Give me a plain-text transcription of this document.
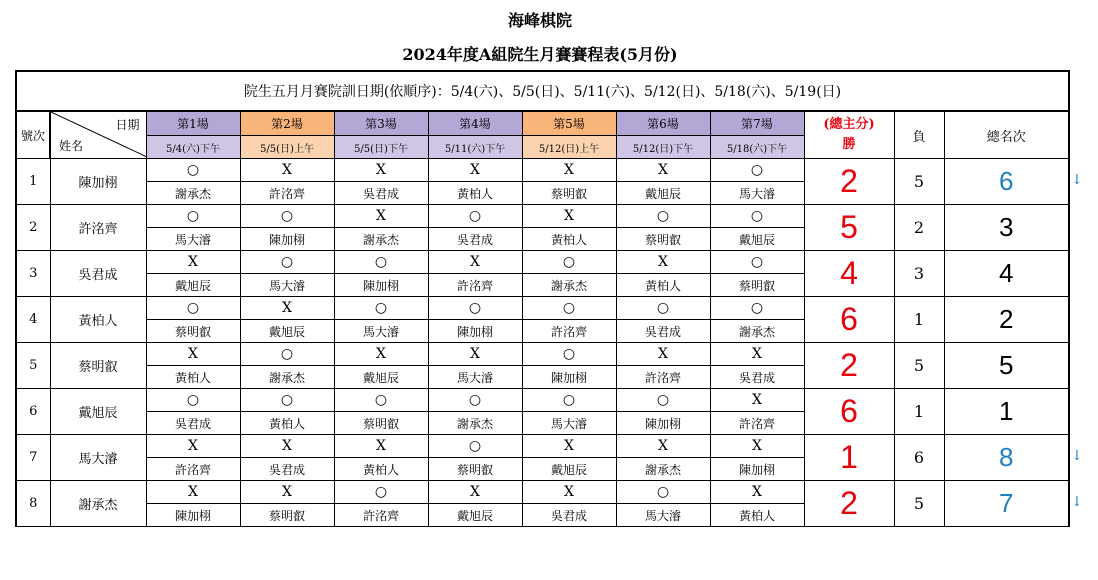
海峰棋院
2024年度A組院生月賽賽程表(5月份)
院生五月月賽院訓日期(依順序)：5/4(六)、5/5(日)、5/11(六)、5/12(日)、5/18(六)、5/19(日)											
號次	日期
姓名	第1場	第2場	第3場	第4場	第5場	第6場	第7場	(總主分)
勝	負	總名次
		5/4(六)下午	5/5(日)上午	5/5(日)下午	5/11(六)下午	5/12(日)上午	5/12(日)下午	5/18(六)下午			
1	陳加栩	○	X	X	X	X	X	○	2	5	6
		謝承杰	許洺齊	吳君成	黃柏人	蔡明叡	戴旭辰	馬大濬			
2	許洺齊	○	○	X	○	X	○	○	5	2	3
		馬大濬	陳加栩	謝承杰	吳君成	黃柏人	蔡明叡	戴旭辰			
3	吳君成	X	○	○	X	○	X	○	4	3	4
		戴旭辰	馬大濬	陳加栩	許洺齊	謝承杰	黃柏人	蔡明叡			
4	黃柏人	○	X	○	○	○	○	○	6	1	2
		蔡明叡	戴旭辰	馬大濬	陳加栩	許洺齊	吳君成	謝承杰			
5	蔡明叡	X	○	X	X	○	X	X	2	5	5
		黃柏人	謝承杰	戴旭辰	馬大濬	陳加栩	許洺齊	吳君成			
6	戴旭辰	○	○	○	○	○	○	X	6	1	1
		吳君成	黃柏人	蔡明叡	謝承杰	馬大濬	陳加栩	許洺齊			
7	馬大濬	X	X	X	○	X	X	X	1	6	8
		許洺齊	吳君成	黃柏人	蔡明叡	戴旭辰	謝承杰	陳加栩			
8	謝承杰	X	X	○	X	X	○	X	2	5	7
		陳加栩	蔡明叡	許洺齊	戴旭辰	吳君成	馬大濬	黃柏人			
↓
↓
↓
